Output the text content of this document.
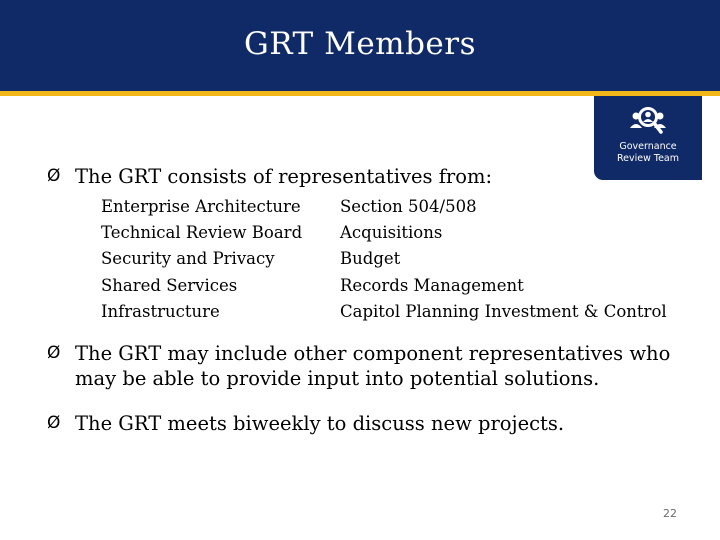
GRT Members
Governance
Review Team
Ø The GRT consists of representatives from:
Enterprise Architecture
Technical Review Board
Security and Privacy
Shared Services
Infrastructure
Section 504/508
Acquisitions
Budget
Records Management
Capitol Planning Investment & Control
Ø The GRT may include other component representatives who may be able to provide input into potential solutions.
Ø The GRT meets biweekly to discuss new projects.
22
